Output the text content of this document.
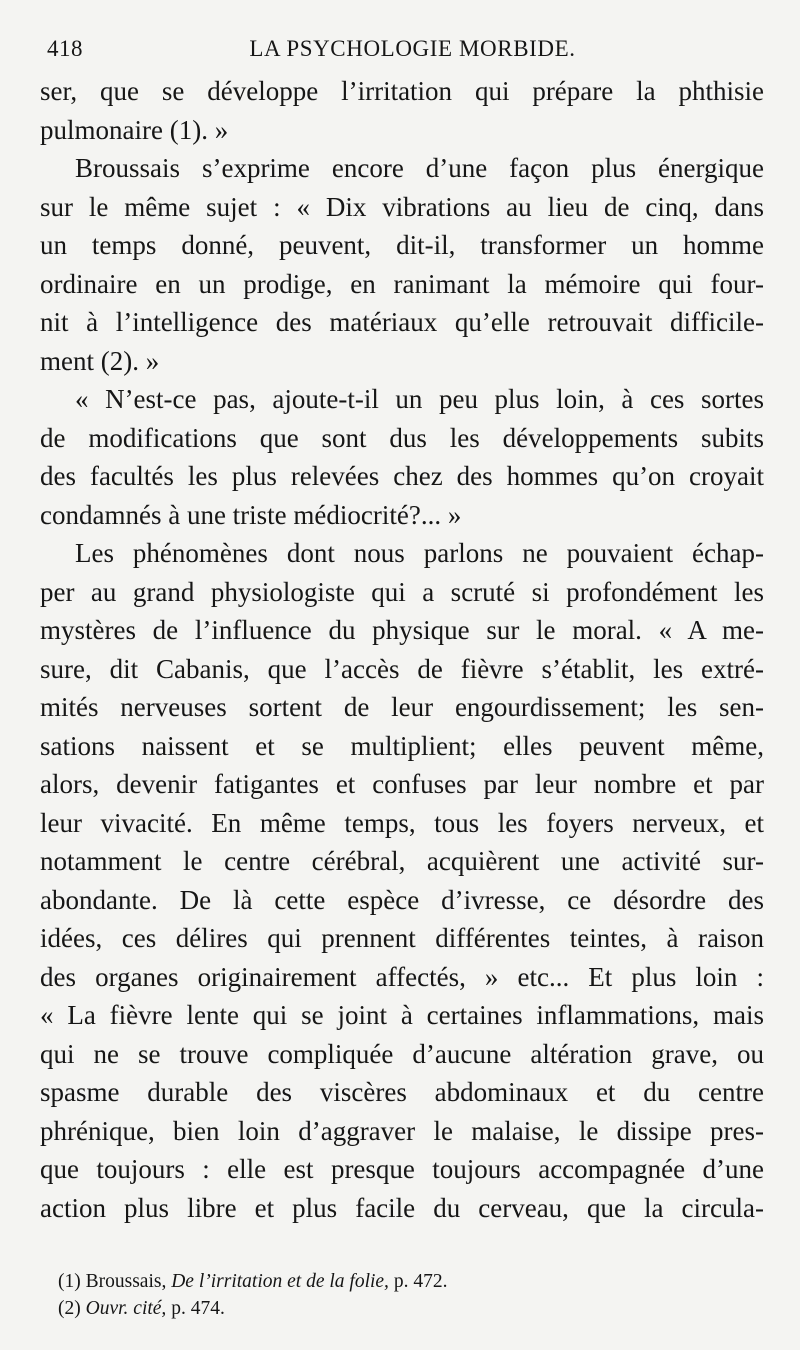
418	LA PSYCHOLOGIE MORBIDE.
ser, que se développe l’irritation qui prépare la phthisie
pulmonaire (1). »
Broussais s’exprime encore d’une façon plus énergique
sur le même sujet : « Dix vibrations au lieu de cinq, dans
un temps donné, peuvent, dit-il, transformer un homme
ordinaire en un prodige, en ranimant la mémoire qui four-
nit à l’intelligence des matériaux qu’elle retrouvait difficile-
ment (2). »
« N’est-ce pas, ajoute-t-il un peu plus loin, à ces sortes
de modifications que sont dus les développements subits
des facultés les plus relevées chez des hommes qu’on croyait
condamnés à une triste médiocrité?... »
Les phénomènes dont nous parlons ne pouvaient échap-
per au grand physiologiste qui a scruté si profondément les
mystères de l’influence du physique sur le moral. « A me-
sure, dit Cabanis, que l’accès de fièvre s’établit, les extré-
mités nerveuses sortent de leur engourdissement; les sen-
sations naissent et se multiplient; elles peuvent même,
alors, devenir fatigantes et confuses par leur nombre et par
leur vivacité. En même temps, tous les foyers nerveux, et
notamment le centre cérébral, acquièrent une activité sur-
abondante. De là cette espèce d’ivresse, ce désordre des
idées, ces délires qui prennent différentes teintes, à raison
des organes originairement affectés, » etc... Et plus loin :
« La fièvre lente qui se joint à certaines inflammations, mais
qui ne se trouve compliquée d’aucune altération grave, ou
spasme durable des viscères abdominaux et du centre
phrénique, bien loin d’aggraver le malaise, le dissipe pres-
que toujours : elle est presque toujours accompagnée d’une
action plus libre et plus facile du cerveau, que la circula-
(1) Broussais, De l’irritation et de la folie, p. 472.
(2) Ouvr. cité, p. 474.
